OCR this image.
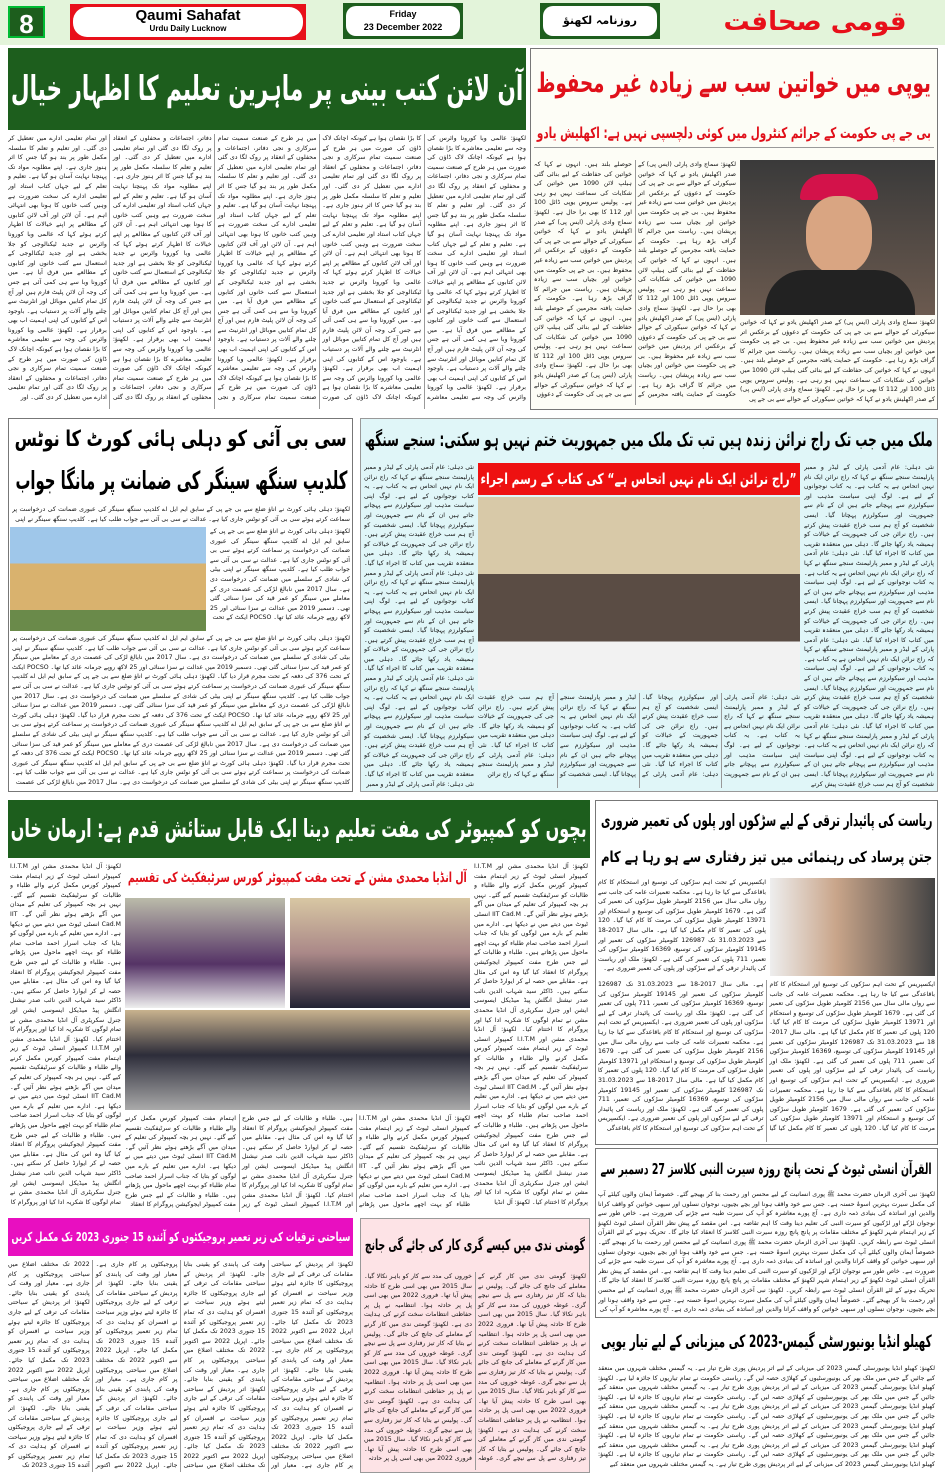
8	Qaumi Sahafat
Urdu Daily Lucknow
Friday
23 December 2022	روزنامہ لکھنؤ	قومی صحافت
آن لائن کتب بینی پر ماہرین تعلیم کا اظہار خیال
لکھنؤ: عالمی وبا کورونا وائرس کی وجہ سے تعلیمی معاشرے کا بڑا نقصان ہوا ہے کیونکہ اچانک لاک ڈاؤن کی صورت میں ہر طرح کے صنعت سمیت تمام سرکاری و نجی دفاتر، اجتماعات و محفلوں کے انعقاد پر روک لگا دی گئی اور تمام تعلیمی ادارے میں تعطیل کر دی گئی۔ اور تعلیم و تعلم کا سلسلہ مکمل طور پر بند ہو گیا جس کا اثر ہنوز جاری ہے۔ اپنے مطلوبہ مواد تک پہنچنا نہایت آسان ہو گیا ہے۔ تعلیم و تعلم کے لیے جہاں کتاب استاد اور تعلیمی ادارے کی سخت ضرورت ہے وہیں کتب خانوں کا ہونا بھی انتہائی اہم ہے۔ آن لائن اور آف لائن کتابوں کے مطالعے پر اپنے خیالات کا اظہار کرتے ہوئے کہا کہ عالمی وبا کورونا وائرس نے جدید ٹیکنالوجی کو جلا بخشی ہے اور جدید ٹیکنالوجی کے استعمال سے کتب خانوں اور کتابوں کے مطالعے میں فرق آیا ہے۔ میں کورونا وبا سے ہی کمی آئی ہے جس کی وجہ آن لائن پلیٹ فارم ہیں اور آج کل تمام کتابیں موبائل اور انٹرنیٹ سے چلنے والے آلات پر دستیاب ہے۔ باوجود اس کے کتابوں کی اپنی اہمیت اب بھی برقرار ہے۔ لکھنؤ: عالمی وبا کورونا وائرس کی وجہ سے تعلیمی معاشرے کا بڑا نقصان ہوا ہے کیونکہ اچانک لاک ڈاؤن کی صورت میں ہر طرح کے صنعت سمیت تمام سرکاری و نجی دفاتر، اجتماعات و محفلوں کے انعقاد پر روک لگا دی گئی اور تمام تعلیمی ادارے میں تعطیل کر دی گئی۔ اور تعلیم و تعلم کا سلسلہ مکمل طور پر بند ہو گیا جس کا اثر ہنوز جاری ہے۔ اپنے مطلوبہ مواد تک پہنچنا نہایت آسان ہو گیا ہے۔ تعلیم و تعلم کے لیے جہاں کتاب استاد اور تعلیمی ادارے کی سخت ضرورت ہے وہیں کتب خانوں کا ہونا بھی انتہائی اہم ہے۔ آن لائن اور آف لائن کتابوں کے مطالعے پر اپنے خیالات کا اظہار کرتے ہوئے کہا کہ عالمی وبا کورونا وائرس نے جدید ٹیکنالوجی کو جلا بخشی ہے اور جدید ٹیکنالوجی کے استعمال سے کتب خانوں اور کتابوں کے مطالعے میں فرق آیا ہے۔ میں کورونا وبا سے ہی کمی آئی ہے جس کی وجہ آن لائن پلیٹ فارم ہیں اور آج کل تمام کتابیں موبائل اور انٹرنیٹ سے چلنے والے آلات پر دستیاب ہے۔ باوجود اس کے کتابوں کی اپنی اہمیت اب بھی برقرار ہے۔ لکھنؤ: عالمی وبا کورونا وائرس کی وجہ سے تعلیمی معاشرے کا بڑا نقصان ہوا ہے کیونکہ اچانک لاک ڈاؤن کی صورت میں ہر طرح کے صنعت سمیت تمام سرکاری و نجی دفاتر، اجتماعات و محفلوں کے انعقاد پر روک لگا دی گئی اور تمام تعلیمی ادارے میں تعطیل کر دی گئی۔ اور تعلیم و تعلم کا سلسلہ مکمل طور پر بند ہو گیا جس کا اثر ہنوز جاری ہے۔ اپنے مطلوبہ مواد تک پہنچنا نہایت آسان ہو گیا ہے۔ تعلیم و تعلم کے لیے جہاں کتاب استاد اور تعلیمی ادارے کی سخت ضرورت ہے وہیں کتب خانوں کا ہونا بھی انتہائی اہم ہے۔ آن لائن اور آف لائن کتابوں کے مطالعے پر اپنے خیالات کا اظہار کرتے ہوئے کہا کہ عالمی وبا کورونا وائرس نے جدید ٹیکنالوجی کو جلا بخشی ہے اور جدید ٹیکنالوجی کے استعمال سے کتب خانوں اور کتابوں کے مطالعے میں فرق آیا ہے۔ میں کورونا وبا سے ہی کمی آئی ہے جس کی وجہ آن لائن پلیٹ فارم ہیں اور آج کل تمام کتابیں موبائل اور انٹرنیٹ سے چلنے والے آلات پر دستیاب ہے۔ باوجود اس کے کتابوں کی اپنی اہمیت اب بھی برقرار ہے۔ لکھنؤ: عالمی وبا کورونا وائرس کی وجہ سے تعلیمی معاشرے کا بڑا نقصان ہوا ہے کیونکہ اچانک لاک ڈاؤن کی صورت میں ہر طرح کے صنعت سمیت تمام سرکاری و نجی دفاتر، اجتماعات و محفلوں کے انعقاد پر روک لگا دی گئی اور تمام تعلیمی ادارے میں تعطیل کر دی گئی۔ اور تعلیم و تعلم کا سلسلہ مکمل طور پر بند ہو گیا جس کا اثر ہنوز جاری ہے۔ اپنے مطلوبہ مواد تک پہنچنا نہایت آسان ہو گیا ہے۔ تعلیم و تعلم کے لیے جہاں کتاب استاد اور تعلیمی ادارے کی سخت ضرورت ہے وہیں کتب خانوں کا ہونا بھی انتہائی اہم ہے۔ آن لائن اور آف لائن کتابوں کے مطالعے پر اپنے خیالات کا اظہار کرتے ہوئے کہا کہ عالمی وبا کورونا وائرس نے جدید ٹیکنالوجی کو جلا بخشی ہے اور جدید ٹیکنالوجی کے استعمال سے کتب خانوں اور کتابوں کے مطالعے میں فرق آیا ہے۔ میں کورونا وبا سے ہی کمی آئی ہے جس کی وجہ آن لائن پلیٹ فارم ہیں اور آج کل تمام کتابیں موبائل اور انٹرنیٹ سے چلنے والے آلات پر دستیاب ہے۔ باوجود اس کے کتابوں کی اپنی اہمیت اب بھی برقرار ہے۔ لکھنؤ: عالمی وبا کورونا وائرس کی وجہ سے تعلیمی معاشرے کا بڑا نقصان ہوا ہے کیونکہ اچانک لاک ڈاؤن کی صورت میں ہر طرح کے صنعت سمیت تمام سرکاری و نجی دفاتر، اجتماعات و محفلوں کے انعقاد پر روک لگا دی گئی اور تمام تعلیمی ادارے میں تعطیل کر دی گئی۔ اور تعلیم و تعلم کا سلسلہ مکمل طور پر بند ہو گیا جس کا اثر ہنوز جاری ہے۔ اپنے مطلوبہ مواد تک پہنچنا نہایت آسان ہو گیا ہے۔ تعلیم و تعلم کے لیے جہاں کتاب استاد اور تعلیمی ادارے کی سخت ضرورت ہے وہیں کتب خانوں کا ہونا بھی انتہائی اہم ہے۔ آن لائن اور آف لائن کتابوں کے مطالعے پر اپنے خیالات کا اظہار کرتے ہوئے کہا کہ عالمی وبا کورونا وائرس نے جدید ٹیکنالوجی کو جلا بخشی ہے اور جدید ٹیکنالوجی کے استعمال سے کتب خانوں اور کتابوں کے مطالعے میں فرق آیا ہے۔ میں کورونا وبا سے ہی کمی آئی ہے جس کی وجہ آن لائن پلیٹ فارم ہیں اور آج کل تمام کتابیں موبائل اور انٹرنیٹ سے چلنے والے آلات پر دستیاب ہے۔ باوجود اس کے کتابوں کی اپنی اہمیت اب بھی برقرار ہے۔ لکھنؤ: عالمی وبا کورونا وائرس کی وجہ سے تعلیمی معاشرے کا بڑا نقصان ہوا ہے کیونکہ اچانک لاک ڈاؤن کی صورت میں ہر طرح کے صنعت سمیت تمام سرکاری و نجی دفاتر، اجتماعات و محفلوں کے انعقاد پر روک لگا دی گئی اور تمام تعلیمی ادارے میں تعطیل کر دی گئی۔ اور
یوپی میں خواتین سب سے زیادہ غیر محفوظ
بی جے پی حکومت کے جرائم کنٹرول میں کوئی دلچسپی نہیں ہے: اکھلیش یادو
لکھنؤ: سماج وادی پارٹی (ایس پی) کے صدر اکھلیش یادو نے کہا کہ خواتین سیکورٹی کے حوالے سے بی جے پی کی حکومت کے دعوؤں کے برعکس اتر پردیش میں خواتین سب سے زیادہ غیر محفوظ ہیں۔ بی جے پی حکومت میں خواتین اور بچیاں سب سے زیادہ پریشان ہیں۔ ریاست میں جرائم کا گراف بڑھ رہا ہے۔ حکومت کے حمایت یافتہ مجرمین کے حوصلے بلند ہیں۔ انہوں نے کہا کہ خواتین کی حفاظت کے لیے بنائی گئی ہیلپ لائن 1090 میں خواتین کی شکایات کی سماعت نہیں ہو رہی ہے۔ پولیس سروس یوپی ڈائل 100 اور 112 کا بھی برا حال ہے۔ لکھنؤ: سماج وادی پارٹی (ایس پی) کے صدر اکھلیش یادو نے کہا کہ خواتین سیکورٹی کے حوالے سے بی جے پی کی حکومت کے دعوؤں کے برعکس اتر پردیش میں خواتین سب سے زیادہ غیر محفوظ ہیں۔ بی جے پی حکومت میں خواتین اور بچیاں سب سے زیادہ پریشان ہیں۔ ریاست میں جرائم کا گراف بڑھ رہا ہے۔ حکومت کے حمایت یافتہ مجرمین کے حوصلے بلند ہیں۔ انہوں نے کہا کہ خواتین کی حفاظت کے لیے بنائی گئی ہیلپ لائن 1090 میں خواتین کی شکایات کی سماعت نہیں ہو رہی ہے۔ پولیس سروس یوپی ڈائل 100 اور 112 کا بھی برا حال ہے۔ لکھنؤ: سماج وادی پارٹی (ایس پی) کے صدر اکھلیش یادو نے کہا کہ خواتین سیکورٹی کے حوالے سے بی جے پی کی حکومت کے دعوؤں کے برعکس اتر پردیش میں خواتین سب سے زیادہ غیر محفوظ ہیں۔ بی جے پی حکومت میں خواتین اور بچیاں سب سے زیادہ پریشان ہیں۔ ریاست میں جرائم کا گراف بڑھ رہا ہے۔ حکومت کے حمایت یافتہ مجرمین کے حوصلے بلند ہیں۔ انہوں نے کہا کہ خواتین کی حفاظت کے لیے بنائی گئی ہیلپ لائن 1090 میں خواتین کی شکایات کی سماعت نہیں ہو رہی ہے۔ پولیس سروس یوپی ڈائل 100 اور 112 کا بھی برا حال ہے۔ لکھنؤ: سماج وادی پارٹی (ایس پی) کے صدر اکھلیش یادو نے کہا کہ خواتین سیکورٹی کے حوالے سے بی جے پی کی حکومت کے دعوؤں
لکھنؤ: سماج وادی پارٹی (ایس پی) کے صدر اکھلیش یادو نے کہا کہ خواتین سیکورٹی کے حوالے سے بی جے پی کی حکومت کے دعوؤں کے برعکس اتر پردیش میں خواتین سب سے زیادہ غیر محفوظ ہیں۔ بی جے پی حکومت میں خواتین اور بچیاں سب سے زیادہ پریشان ہیں۔ ریاست میں جرائم کا گراف بڑھ رہا ہے۔ حکومت کے حمایت یافتہ مجرمین کے حوصلے بلند ہیں۔ انہوں نے کہا کہ خواتین کی حفاظت کے لیے بنائی گئی ہیلپ لائن 1090 میں خواتین کی شکایات کی سماعت نہیں ہو رہی ہے۔ پولیس سروس یوپی ڈائل 100 اور 112 کا بھی برا حال ہے۔ لکھنؤ: سماج وادی پارٹی (ایس پی) کے صدر اکھلیش یادو نے کہا کہ خواتین سیکورٹی کے حوالے سے بی جے پی
سی بی آئی کو دہلی ہائی کورٹ کا نوٹس
کلدیپ سنگھ سینگر کی ضمانت پر مانگا جواب
لکھنؤ: دہلی ہائی کورٹ نے اناؤ ضلع سے بی جے پی کے سابق ایم ایل اے کلدیپ سنگھ سینگر کی عبوری ضمانت کی درخواست پر سماعت کرتے ہوئے سی بی آئی کو نوٹس جاری کیا ہے۔ عدالت نے سی بی آئی سے جواب طلب کیا ہے۔ کلدیپ سنگھ سینگر نے اپنی
لکھنؤ: دہلی ہائی کورٹ نے اناؤ ضلع سے بی جے پی کے سابق ایم ایل اے کلدیپ سنگھ سینگر کی عبوری ضمانت کی درخواست پر سماعت کرتے ہوئے سی بی آئی کو نوٹس جاری کیا ہے۔ عدالت نے سی بی آئی سے جواب طلب کیا ہے۔ کلدیپ سنگھ سینگر نے اپنی بیٹی کی شادی کے سلسلے میں ضمانت کی درخواست دی ہے۔ سال 2017 میں نابالغ لڑکی کی عصمت دری کے معاملے میں سینگر کو عمر قید کی سزا سنائی گئی تھی۔ دسمبر 2019 میں عدالت نے سزا سنائی اور 25 لاکھ روپے جرمانہ عائد کیا تھا۔ POCSO ایکٹ کے تحت
لکھنؤ: دہلی ہائی کورٹ نے اناؤ ضلع سے بی جے پی کے سابق ایم ایل اے کلدیپ سنگھ سینگر کی عبوری ضمانت کی درخواست پر سماعت کرتے ہوئے سی بی آئی کو نوٹس جاری کیا ہے۔ عدالت نے سی بی آئی سے جواب طلب کیا ہے۔ کلدیپ سنگھ سینگر نے اپنی بیٹی کی شادی کے سلسلے میں ضمانت کی درخواست دی ہے۔ سال 2017 میں نابالغ لڑکی کی عصمت دری کے معاملے میں سینگر کو عمر قید کی سزا سنائی گئی تھی۔ دسمبر 2019 میں عدالت نے سزا سنائی اور 25 لاکھ روپے جرمانہ عائد کیا تھا۔ POCSO ایکٹ کے تحت 376 کی دفعہ کے تحت مجرم قرار دیا گیا۔ لکھنؤ: دہلی ہائی کورٹ نے اناؤ ضلع سے بی جے پی کے سابق ایم ایل اے کلدیپ سنگھ سینگر کی عبوری ضمانت کی درخواست پر سماعت کرتے ہوئے سی بی آئی کو نوٹس جاری کیا ہے۔ عدالت نے سی بی آئی سے جواب طلب کیا ہے۔ کلدیپ سنگھ سینگر نے اپنی بیٹی کی شادی کے سلسلے میں ضمانت کی درخواست دی ہے۔ سال 2017 میں نابالغ لڑکی کی عصمت دری کے معاملے میں سینگر کو عمر قید کی سزا سنائی گئی تھی۔ دسمبر 2019 میں عدالت نے سزا سنائی اور 25 لاکھ روپے جرمانہ عائد کیا تھا۔ POCSO ایکٹ کے تحت 376 کی دفعہ کے تحت مجرم قرار دیا گیا۔ لکھنؤ: دہلی ہائی کورٹ نے اناؤ ضلع سے بی جے پی کے سابق ایم ایل اے کلدیپ سنگھ سینگر کی عبوری ضمانت کی درخواست پر سماعت کرتے ہوئے سی بی آئی کو نوٹس جاری کیا ہے۔ عدالت نے سی بی آئی سے جواب طلب کیا ہے۔ کلدیپ سنگھ سینگر نے اپنی بیٹی کی شادی کے سلسلے میں ضمانت کی درخواست دی ہے۔ سال 2017 میں نابالغ لڑکی کی عصمت دری کے معاملے میں سینگر کو عمر قید کی سزا سنائی گئی تھی۔ دسمبر 2019 میں عدالت نے سزا سنائی اور 25 لاکھ روپے جرمانہ عائد کیا تھا۔ POCSO ایکٹ کے تحت 376 کی دفعہ کے تحت مجرم قرار دیا گیا۔ لکھنؤ: دہلی ہائی کورٹ نے اناؤ ضلع سے بی جے پی کے سابق ایم ایل اے کلدیپ سنگھ سینگر کی عبوری ضمانت کی درخواست پر سماعت کرتے ہوئے سی بی آئی کو نوٹس جاری کیا ہے۔ عدالت نے سی بی آئی سے جواب طلب کیا ہے۔ کلدیپ سنگھ سینگر نے اپنی بیٹی کی شادی کے سلسلے میں ضمانت کی درخواست دی ہے۔ سال 2017 میں نابالغ لڑکی کی عصمت
ملک میں جب تک راج نرائن زندہ ہیں تب تک ملک میں جمہوریت ختم نہیں ہو سکتی: سنجے سنگھ
”راج نرائن ایک نام نہیں اتحاس ہے“ کی کتاب کے رسم اجراء
نئی دہلی: عام آدمی پارٹی کے لیڈر و ممبر پارلیمنٹ سنجے سنگھ نے کہا کہ راج نرائن ایک نام نہیں اتحاس ہے یہ کتاب ہے۔ یہ کتاب نوجوانوں کے لیے ہے۔ لوگ اپنی سیاست مذہب اور سیکولرزم سے پہچانے جاتے ہیں ان کے نام سے جمہوریت اور سیکولرزم پہچانا گیا۔ ایسی شخصیت کو آج ہم سب خراج عقیدت پیش کرتے ہیں۔ راج نرائن جی کی جمہوریت کے خیالات کو ہمیشہ یاد رکھا جائے گا۔ دہلی میں منعقدہ تقریب میں کتاب کا اجراء کیا گیا۔ نئی دہلی: عام آدمی پارٹی کے لیڈر و ممبر پارلیمنٹ سنجے سنگھ نے کہا کہ راج نرائن ایک نام نہیں اتحاس ہے یہ کتاب ہے۔ یہ کتاب نوجوانوں کے لیے ہے۔ لوگ اپنی سیاست مذہب اور سیکولرزم سے پہچانے جاتے ہیں ان کے نام سے جمہوریت اور سیکولرزم پہچانا گیا۔ ایسی شخصیت کو آج ہم سب خراج عقیدت پیش کرتے ہیں۔ راج نرائن جی کی جمہوریت کے خیالات کو ہمیشہ یاد رکھا جائے گا۔ دہلی میں منعقدہ تقریب میں کتاب کا اجراء کیا گیا۔ نئی دہلی: عام آدمی پارٹی کے لیڈر و ممبر پارلیمنٹ سنجے سنگھ نے کہا کہ راج نرائن ایک نام نہیں اتحاس ہے یہ کتاب ہے۔ یہ کتاب نوجوانوں کے لیے ہے۔ لوگ اپنی سیاست مذہب اور سیکولرزم سے پہچانے جاتے ہیں ان کے نام سے جمہوریت اور سیکولرزم پہچانا گیا۔ ایسی شخصیت کو آج ہم سب خراج عقیدت پیش کرتے ہیں۔ راج نرائن جی کی جمہوریت کے خیالات کو ہمیشہ یاد رکھا جائے گا۔ دہلی میں منعقدہ تقریب میں کتاب کا اجراء کیا گیا۔ نئی دہلی: عام آدمی پارٹی کے لیڈر و ممبر
نئی دہلی: عام آدمی پارٹی کے لیڈر و ممبر پارلیمنٹ سنجے سنگھ نے کہا کہ راج نرائن ایک نام نہیں اتحاس ہے یہ کتاب ہے۔ یہ کتاب نوجوانوں کے لیے ہے۔ لوگ اپنی سیاست مذہب اور سیکولرزم سے پہچانے جاتے ہیں ان کے نام سے جمہوریت اور سیکولرزم پہچانا گیا۔ ایسی شخصیت کو آج ہم سب خراج عقیدت پیش کرتے ہیں۔ راج نرائن جی کی جمہوریت کے خیالات کو ہمیشہ یاد رکھا جائے گا۔ دہلی میں منعقدہ تقریب میں کتاب کا اجراء کیا گیا۔ نئی دہلی: عام آدمی پارٹی کے لیڈر و ممبر پارلیمنٹ سنجے سنگھ نے کہا کہ راج نرائن ایک نام نہیں اتحاس ہے یہ کتاب ہے۔ یہ کتاب نوجوانوں کے لیے ہے۔ لوگ اپنی سیاست مذہب اور سیکولرزم سے پہچانے جاتے ہیں ان کے نام سے جمہوریت اور سیکولرزم پہچانا گیا۔ ایسی شخصیت کو آج ہم سب خراج عقیدت پیش کرتے ہیں۔ راج نرائن جی کی جمہوریت کے خیالات کو ہمیشہ یاد رکھا جائے گا۔ دہلی میں منعقدہ تقریب میں کتاب کا اجراء کیا گیا۔ نئی دہلی: عام آدمی پارٹی کے لیڈر و ممبر پارلیمنٹ سنجے سنگھ نے کہا کہ راج نرائن ایک نام نہیں اتحاس ہے یہ کتاب ہے۔ یہ کتاب نوجوانوں کے لیے ہے۔ لوگ اپنی سیاست مذہب اور سیکولرزم سے پہچانے جاتے ہیں ان کے نام سے جمہوریت اور سیکولرزم پہچانا گیا۔ ایسی شخصیت کو آج ہم سب خراج عقیدت پیش کرتے ہیں۔ راج نرائن جی کی جمہوریت کے خیالات کو ہمیشہ یاد رکھا جائے گا۔ دہلی میں منعقدہ تقریب میں کتاب کا اجراء کیا گیا۔ نئی دہلی: عام آدمی پارٹی کے لیڈر و ممبر پارلیمنٹ سنجے سنگھ نے کہا کہ راج نرائن ایک نام نہیں اتحاس ہے یہ کتاب ہے۔ یہ کتاب نوجوانوں کے لیے ہے۔ لوگ اپنی سیاست مذہب اور سیکولرزم سے پہچانے جاتے ہیں ان کے نام سے جمہوریت اور سیکولرزم پہچانا گیا۔ ایسی شخصیت کو آج ہم سب خراج عقیدت پیش کرتے
نئی دہلی: عام آدمی پارٹی کے لیڈر و ممبر پارلیمنٹ سنجے سنگھ نے کہا کہ راج نرائن ایک نام نہیں اتحاس ہے یہ کتاب ہے۔ یہ کتاب نوجوانوں کے لیے ہے۔ لوگ اپنی سیاست مذہب اور سیکولرزم سے پہچانے جاتے ہیں ان کے نام سے جمہوریت اور سیکولرزم پہچانا گیا۔ ایسی شخصیت کو آج ہم سب خراج عقیدت پیش کرتے ہیں۔ راج نرائن جی کی جمہوریت کے خیالات کو ہمیشہ یاد رکھا جائے گا۔ دہلی میں منعقدہ تقریب میں کتاب کا اجراء کیا گیا۔ نئی دہلی: عام آدمی پارٹی کے لیڈر و ممبر پارلیمنٹ سنجے سنگھ نے کہا کہ راج نرائن ایک نام نہیں اتحاس ہے یہ کتاب ہے۔ یہ کتاب نوجوانوں کے لیے ہے۔ لوگ اپنی سیاست مذہب اور سیکولرزم سے پہچانے جاتے ہیں ان کے نام سے جمہوریت اور سیکولرزم پہچانا گیا۔ ایسی شخصیت کو آج ہم سب خراج عقیدت پیش کرتے ہیں۔ راج نرائن جی کی جمہوریت کے خیالات کو ہمیشہ یاد رکھا جائے گا۔ دہلی میں منعقدہ تقریب میں کتاب کا اجراء کیا گیا۔ نئی دہلی: عام آدمی پارٹی کے لیڈر و ممبر پارلیمنٹ سنجے سنگھ نے کہا کہ راج نرائن
بچوں کو کمپیوٹر کی مفت تعلیم دینا ایک قابل ستائش قدم ہے: ارمان خاں
آل انڈیا محمدی مشن کے تحت مفت کمپیوٹر کورس سرٹیفکیٹ کی تقسیم
لکھنؤ: آل انڈیا محمدی مشن اور I.I.T.M کمپیوٹر انسٹی ٹیوٹ کے زیر اہتمام مفت کمپیوٹر کورس مکمل کرنے والے طلباء و طالبات کو سرٹیفکیٹ تقسیم کیے گئے۔ نہیں ہر بچہ کمپیوٹر کی تعلیم کے میدان میں آگے بڑھتے ہوئے نظر آئیں گے۔ IIT Cad.M انسٹی ٹیوٹ میں دیتے میں نے دیکھا ہے۔ ادارے میں تعلیم کے بارے میں لوگوں کو بتایا کہ جناب اسرار احمد صاحب تمام طلباء کو بہت اچھے ماحول میں پڑھاتے ہیں۔ طلباء و طالبات کے لیے جس طرح مفت کمپیوٹر ایجوکیشن پروگرام کا انعقاد کیا گیا وہ اس کی مثال ہے۔ مقابلے میں حصہ لے کر ایوارڈ حاصل کر سکتے ہیں۔ ڈاکٹر سید شہاب الدین نائب صدر نیشنل انگلش پیڈ میڈیکل ایسوسی ایشن اور جنرل سکریٹری آل انڈیا محمدی مشن نے تمام لوگوں کا شکریہ ادا کیا اور پروگرام کا اختتام کیا۔ لکھنؤ: آل انڈیا محمدی مشن اور I.I.T.M کمپیوٹر انسٹی ٹیوٹ کے زیر اہتمام مفت کمپیوٹر کورس مکمل کرنے والے طلباء و طالبات کو سرٹیفکیٹ تقسیم کیے گئے۔ نہیں ہر بچہ کمپیوٹر کی تعلیم کے میدان میں آگے بڑھتے ہوئے نظر آئیں گے۔ IIT Cad.M انسٹی ٹیوٹ میں دیتے میں نے دیکھا ہے۔ ادارے میں تعلیم کے بارے میں لوگوں کو بتایا کہ جناب اسرار احمد صاحب تمام طلباء کو بہت اچھے ماحول میں پڑھاتے ہیں۔ طلباء و طالبات کے لیے جس طرح مفت کمپیوٹر ایجوکیشن پروگرام کا انعقاد کیا گیا وہ اس کی مثال ہے۔ مقابلے میں حصہ لے کر ایوارڈ حاصل کر سکتے ہیں۔ ڈاکٹر سید شہاب الدین نائب صدر نیشنل انگلش پیڈ میڈیکل ایسوسی ایشن اور جنرل سکریٹری آل انڈیا محمدی مشن نے تمام لوگوں کا شکریہ ادا کیا اور پروگرام کا اختتام کیا۔ لکھنؤ: آل انڈیا
لکھنؤ: آل انڈیا محمدی مشن اور I.I.T.M کمپیوٹر انسٹی ٹیوٹ کے زیر اہتمام مفت کمپیوٹر کورس مکمل کرنے والے طلباء و طالبات کو سرٹیفکیٹ تقسیم کیے گئے۔ نہیں ہر بچہ کمپیوٹر کی تعلیم کے میدان میں آگے بڑھتے ہوئے نظر آئیں گے۔ IIT Cad.M انسٹی ٹیوٹ میں دیتے میں نے دیکھا ہے۔ ادارے میں تعلیم کے بارے میں لوگوں کو بتایا کہ جناب اسرار احمد صاحب تمام طلباء کو بہت اچھے ماحول میں پڑھاتے ہیں۔ طلباء و طالبات کے لیے جس طرح مفت کمپیوٹر ایجوکیشن پروگرام کا انعقاد کیا گیا وہ اس کی مثال ہے۔ مقابلے میں حصہ لے کر ایوارڈ حاصل کر سکتے ہیں۔ ڈاکٹر سید شہاب الدین نائب صدر نیشنل انگلش پیڈ میڈیکل ایسوسی ایشن اور جنرل سکریٹری آل انڈیا محمدی مشن نے تمام لوگوں کا شکریہ ادا کیا اور پروگرام کا اختتام کیا۔ لکھنؤ: آل انڈیا محمدی مشن اور I.I.T.M کمپیوٹر انسٹی ٹیوٹ کے زیر اہتمام مفت کمپیوٹر کورس مکمل کرنے والے طلباء و طالبات کو سرٹیفکیٹ تقسیم کیے گئے۔ نہیں ہر بچہ کمپیوٹر کی تعلیم کے میدان میں آگے بڑھتے ہوئے نظر آئیں گے۔ IIT Cad.M انسٹی ٹیوٹ میں دیتے میں نے دیکھا ہے۔ ادارے میں تعلیم کے بارے میں لوگوں کو بتایا کہ جناب اسرار احمد صاحب تمام طلباء کو بہت اچھے ماحول میں پڑھاتے ہیں۔ طلباء و طالبات کے لیے جس طرح مفت کمپیوٹر ایجوکیشن پروگرام کا انعقاد کیا گیا وہ اس کی مثال ہے۔ مقابلے میں حصہ لے کر ایوارڈ حاصل کر سکتے ہیں۔ ڈاکٹر سید شہاب الدین نائب صدر نیشنل انگلش پیڈ میڈیکل ایسوسی ایشن اور جنرل سکریٹری آل انڈیا محمدی مشن نے تمام لوگوں کا شکریہ ادا کیا اور پروگرام کا
لکھنؤ: آل انڈیا محمدی مشن اور I.I.T.M کمپیوٹر انسٹی ٹیوٹ کے زیر اہتمام مفت کمپیوٹر کورس مکمل کرنے والے طلباء و طالبات کو سرٹیفکیٹ تقسیم کیے گئے۔ نہیں ہر بچہ کمپیوٹر کی تعلیم کے میدان میں آگے بڑھتے ہوئے نظر آئیں گے۔ IIT Cad.M انسٹی ٹیوٹ میں دیتے میں نے دیکھا ہے۔ ادارے میں تعلیم کے بارے میں لوگوں کو بتایا کہ جناب اسرار احمد صاحب تمام طلباء کو بہت اچھے ماحول میں پڑھاتے ہیں۔ طلباء و طالبات کے لیے جس طرح مفت کمپیوٹر ایجوکیشن پروگرام کا انعقاد کیا گیا وہ اس کی مثال ہے۔ مقابلے میں حصہ لے کر ایوارڈ حاصل کر سکتے ہیں۔ ڈاکٹر سید شہاب الدین نائب صدر نیشنل انگلش پیڈ میڈیکل ایسوسی ایشن اور جنرل سکریٹری آل انڈیا محمدی مشن نے تمام لوگوں کا شکریہ ادا کیا اور پروگرام کا اختتام کیا۔ لکھنؤ: آل انڈیا محمدی مشن اور I.I.T.M کمپیوٹر انسٹی ٹیوٹ کے زیر اہتمام مفت کمپیوٹر کورس مکمل کرنے والے طلباء و طالبات کو سرٹیفکیٹ تقسیم کیے گئے۔ نہیں ہر بچہ کمپیوٹر کی تعلیم کے میدان میں آگے بڑھتے ہوئے نظر آئیں گے۔ IIT Cad.M انسٹی ٹیوٹ میں دیتے میں نے دیکھا ہے۔ ادارے میں تعلیم کے بارے میں لوگوں کو بتایا کہ جناب اسرار احمد صاحب تمام طلباء کو بہت اچھے ماحول میں پڑھاتے ہیں۔ طلباء و طالبات کے لیے جس طرح مفت کمپیوٹر ایجوکیشن پروگرام کا انعقاد
ریاست کی پائیدار ترقی کے لیے سڑکوں اور پلوں کی تعمیر ضروری
جتن پرساد کی رہنمائی میں تیز رفتاری سے ہو رہا ہے کام
ایکسپریس کے تحت اہم سڑکوں کی توسیع اور استحکام کا کام باقاعدگی سے کیا جا رہا ہے۔ محکمہ تعمیرات عامہ کی جانب سے رواں مالی سال میں 2156 کلومیٹر طویل سڑکوں کی تعمیر کی گئی ہے۔ 1679 کلومیٹر طویل سڑکوں کی توسیع و استحکام اور 13971 کلومیٹر طویل سڑکوں کی مرمت کا کام کیا گیا۔ 120 پلوں کی تعمیر کا کام مکمل کیا گیا ہے۔ مالی سال 2017-18 سے 31.03.2023 تک 126987 کلومیٹر سڑکوں کی تعمیر اور 19145 کلومیٹر سڑکوں کی توسیع، 16369 کلومیٹر سڑکوں کی تعمیر، 711 پلوں کی تعمیر کی گئی ہے۔ لکھنؤ: ملک اور ریاست کی پائیدار ترقی کے لیے سڑکوں اور پلوں کی تعمیر ضروری ہے۔
ایکسپریس کے تحت اہم سڑکوں کی توسیع اور استحکام کا کام باقاعدگی سے کیا جا رہا ہے۔ محکمہ تعمیرات عامہ کی جانب سے رواں مالی سال میں 2156 کلومیٹر طویل سڑکوں کی تعمیر کی گئی ہے۔ 1679 کلومیٹر طویل سڑکوں کی توسیع و استحکام اور 13971 کلومیٹر طویل سڑکوں کی مرمت کا کام کیا گیا۔ 120 پلوں کی تعمیر کا کام مکمل کیا گیا ہے۔ مالی سال 2017-18 سے 31.03.2023 تک 126987 کلومیٹر سڑکوں کی تعمیر اور 19145 کلومیٹر سڑکوں کی توسیع، 16369 کلومیٹر سڑکوں کی تعمیر، 711 پلوں کی تعمیر کی گئی ہے۔ لکھنؤ: ملک اور ریاست کی پائیدار ترقی کے لیے سڑکوں اور پلوں کی تعمیر ضروری ہے۔ ایکسپریس کے تحت اہم سڑکوں کی توسیع اور استحکام کا کام باقاعدگی سے کیا جا رہا ہے۔ محکمہ تعمیرات عامہ کی جانب سے رواں مالی سال میں 2156 کلومیٹر طویل سڑکوں کی تعمیر کی گئی ہے۔ 1679 کلومیٹر طویل سڑکوں کی توسیع و استحکام اور 13971 کلومیٹر طویل سڑکوں کی مرمت کا کام کیا گیا۔ 120 پلوں کی تعمیر کا کام مکمل کیا گیا ہے۔ مالی سال 2017-18 سے 31.03.2023 تک 126987 کلومیٹر سڑکوں کی تعمیر اور 19145 کلومیٹر سڑکوں کی توسیع، 16369 کلومیٹر سڑکوں کی تعمیر، 711 پلوں کی تعمیر کی گئی ہے۔ لکھنؤ: ملک اور ریاست کی پائیدار ترقی کے لیے سڑکوں اور پلوں کی تعمیر ضروری ہے۔ ایکسپریس کے تحت اہم سڑکوں کی توسیع اور استحکام کا کام باقاعدگی سے کیا جا رہا ہے۔ محکمہ تعمیرات عامہ کی جانب سے رواں مالی سال میں 2156 کلومیٹر طویل سڑکوں کی تعمیر کی گئی ہے۔ 1679 کلومیٹر طویل سڑکوں کی توسیع و استحکام اور 13971 کلومیٹر طویل سڑکوں کی مرمت کا کام کیا گیا۔ 120 پلوں کی تعمیر کا کام مکمل کیا گیا ہے۔ مالی سال 2017-18 سے 31.03.2023 تک 126987 کلومیٹر سڑکوں کی تعمیر اور 19145 کلومیٹر سڑکوں کی توسیع، 16369 کلومیٹر سڑکوں کی تعمیر، 711 پلوں کی تعمیر کی گئی ہے۔ لکھنؤ: ملک اور ریاست کی پائیدار ترقی کے لیے سڑکوں اور پلوں کی تعمیر ضروری ہے۔ ایکسپریس کے تحت اہم سڑکوں کی توسیع اور استحکام کا کام باقاعدگی
القرآن انسٹی ٹیوٹ کے تحت پانچ روزہ سیرت النبی کلاسز 27 دسمبر سے
لکھنؤ: نبی آخری الزماں حضرت محمد ﷺ پوری انسانیت کے لیے محسن اور رحمت بنا کر بھیجے گئے۔ خصوصاً ایمان والوں کیلئے آپ کی مکمل سیرت بہترین اسوۂ حسنہ ہے۔ جس سے خود واقف ہونا اور بچے بچیوں، نوجوان نسلوں اور سبھی خواتین کو واقف کرانا والدین اور اساتذہ کی بنیادی ذمہ داری ہے۔ آج پورے معاشرہ کو آپ کی سیرت طیبہ سے جڑنے کی ضرورت ہے۔ خاص طور سے نوجوان لڑکے اور لڑکیوں کو سیرت النبی کی تعلیم دینا وقت کا اہم تقاضہ ہے۔ اس مقصد کے پیش نظر القرآن انسٹی ٹیوٹ لکھنؤ کے زیر اہتمام شہر لکھنؤ کے مختلف مقامات پر پانچ پانچ روزہ سیرت النبی کلاسز کا انعقاد کیا جائے گا۔ تحریک ہونے کے لئے القرآن انسٹی ٹیوٹ سے رابطہ کریں۔ لکھنؤ: نبی آخری الزماں حضرت محمد ﷺ پوری انسانیت کے لیے محسن اور رحمت بنا کر بھیجے گئے۔ خصوصاً ایمان والوں کیلئے آپ کی مکمل سیرت بہترین اسوۂ حسنہ ہے۔ جس سے خود واقف ہونا اور بچے بچیوں، نوجوان نسلوں اور سبھی خواتین کو واقف کرانا والدین اور اساتذہ کی بنیادی ذمہ داری ہے۔ آج پورے معاشرہ کو آپ کی سیرت طیبہ سے جڑنے کی ضرورت ہے۔ خاص طور سے نوجوان لڑکے اور لڑکیوں کو سیرت النبی کی تعلیم دینا وقت کا اہم تقاضہ ہے۔ اس مقصد کے پیش نظر القرآن انسٹی ٹیوٹ لکھنؤ کے زیر اہتمام شہر لکھنؤ کے مختلف مقامات پر پانچ پانچ روزہ سیرت النبی کلاسز کا انعقاد کیا جائے گا۔ تحریک ہونے کے لئے القرآن انسٹی ٹیوٹ سے رابطہ کریں۔ لکھنؤ: نبی آخری الزماں حضرت محمد ﷺ پوری انسانیت کے لیے محسن اور رحمت بنا کر بھیجے گئے۔ خصوصاً ایمان والوں کیلئے آپ کی مکمل سیرت بہترین اسوۂ حسنہ ہے۔ جس سے خود واقف ہونا اور بچے بچیوں، نوجوان نسلوں اور سبھی خواتین کو واقف کرانا والدین اور اساتذہ کی بنیادی ذمہ داری ہے۔ آج پورے معاشرہ کو آپ کی
کھیلو انڈیا یونیورسٹی گیمس-2023 کی میزبانی کے لیے تیار یوپی
لکھنؤ: کھیلو انڈیا یونیورسٹی گیمس 2023 کی میزبانی کے لیے اتر پردیش پوری طرح تیار ہے۔ یہ گیمس مختلف شہروں میں منعقد کیے جائیں گے جس میں ملک بھر کی یونیورسٹیوں کے کھلاڑی حصہ لیں گے۔ ریاستی حکومت نے تمام تیاریوں کا جائزہ لیا ہے۔ لکھنؤ: کھیلو انڈیا یونیورسٹی گیمس 2023 کی میزبانی کے لیے اتر پردیش پوری طرح تیار ہے۔ یہ گیمس مختلف شہروں میں منعقد کیے جائیں گے جس میں ملک بھر کی یونیورسٹیوں کے کھلاڑی حصہ لیں گے۔ ریاستی حکومت نے تمام تیاریوں کا جائزہ لیا ہے۔ لکھنؤ: کھیلو انڈیا یونیورسٹی گیمس 2023 کی میزبانی کے لیے اتر پردیش پوری طرح تیار ہے۔ یہ گیمس مختلف شہروں میں منعقد کیے جائیں گے جس میں ملک بھر کی یونیورسٹیوں کے کھلاڑی حصہ لیں گے۔ ریاستی حکومت نے تمام تیاریوں کا جائزہ لیا ہے۔ لکھنؤ: کھیلو انڈیا یونیورسٹی گیمس 2023 کی میزبانی کے لیے اتر پردیش پوری طرح تیار ہے۔ یہ گیمس مختلف شہروں میں منعقد کیے جائیں گے جس میں ملک بھر کی یونیورسٹیوں کے کھلاڑی حصہ لیں گے۔ ریاستی حکومت نے تمام تیاریوں کا جائزہ لیا ہے۔ لکھنؤ: کھیلو انڈیا یونیورسٹی گیمس 2023 کی میزبانی کے لیے اتر پردیش پوری طرح تیار ہے۔ یہ گیمس مختلف شہروں میں منعقد کیے جائیں گے جس میں ملک بھر کی یونیورسٹیوں کے کھلاڑی حصہ لیں گے۔ ریاستی حکومت نے تمام تیاریوں کا جائزہ لیا ہے۔ لکھنؤ: کھیلو انڈیا یونیورسٹی گیمس 2023 کی میزبانی کے لیے اتر پردیش پوری طرح تیار ہے۔ یہ گیمس مختلف شہروں میں منعقد کیے
سیاحتی ترقیات کی زیر تعمیر پروجیکٹوں کو آئندہ 15 جنوری 2023 تک مکمل کریں
لکھنؤ: اتر پردیش کے سیاحتی مقامات کی ترقی کے لیے جاری پروجیکٹوں کا جائزہ لیتے ہوئے وزیر سیاحت نے افسران کو ہدایت دی کہ تمام زیر تعمیر پروجیکٹوں کو آئندہ 15 جنوری 2023 تک مکمل کیا جائے۔ اپریل 2022 سے اکتوبر 2022 تک مختلف اضلاع میں سیاحتی پروجیکٹوں پر کام جاری ہے۔ معیار اور وقت کی پابندی کو یقینی بنایا جائے۔ لکھنؤ: اتر پردیش کے سیاحتی مقامات کی ترقی کے لیے جاری پروجیکٹوں کا جائزہ لیتے ہوئے وزیر سیاحت نے افسران کو ہدایت دی کہ تمام زیر تعمیر پروجیکٹوں کو آئندہ 15 جنوری 2023 تک مکمل کیا جائے۔ اپریل 2022 سے اکتوبر 2022 تک مختلف اضلاع میں سیاحتی پروجیکٹوں پر کام جاری ہے۔ معیار اور وقت کی پابندی کو یقینی بنایا جائے۔ لکھنؤ: اتر پردیش کے سیاحتی مقامات کی ترقی کے لیے جاری پروجیکٹوں کا جائزہ لیتے ہوئے وزیر سیاحت نے افسران کو ہدایت دی کہ تمام زیر تعمیر پروجیکٹوں کو آئندہ 15 جنوری 2023 تک مکمل کیا جائے۔ اپریل 2022 سے اکتوبر 2022 تک مختلف اضلاع میں سیاحتی پروجیکٹوں پر کام جاری ہے۔ معیار اور وقت کی پابندی کو یقینی بنایا جائے۔ لکھنؤ: اتر پردیش کے سیاحتی مقامات کی ترقی کے لیے جاری پروجیکٹوں کا جائزہ لیتے ہوئے وزیر سیاحت نے افسران کو ہدایت دی کہ تمام زیر تعمیر پروجیکٹوں کو آئندہ 15 جنوری 2023 تک مکمل کیا جائے۔ اپریل 2022 سے اکتوبر 2022 تک مختلف اضلاع میں سیاحتی پروجیکٹوں پر کام جاری ہے۔ معیار اور وقت کی پابندی کو یقینی بنایا جائے۔ لکھنؤ: اتر پردیش کے سیاحتی مقامات کی ترقی کے لیے جاری پروجیکٹوں کا جائزہ لیتے ہوئے وزیر سیاحت نے افسران کو ہدایت دی کہ تمام زیر تعمیر پروجیکٹوں کو آئندہ 15 جنوری 2023 تک مکمل کیا جائے۔ اپریل 2022 سے اکتوبر 2022 تک مختلف اضلاع میں سیاحتی پروجیکٹوں پر کام جاری ہے۔ معیار اور وقت کی پابندی کو یقینی بنایا جائے۔ لکھنؤ: اتر پردیش کے سیاحتی مقامات کی ترقی کے لیے جاری پروجیکٹوں کا جائزہ لیتے ہوئے وزیر سیاحت نے افسران کو ہدایت دی کہ تمام زیر تعمیر پروجیکٹوں کو آئندہ 15 جنوری 2023 تک مکمل کیا جائے۔ اپریل 2022 سے اکتوبر 2022 تک مختلف اضلاع میں سیاحتی پروجیکٹوں پر کام جاری ہے۔ معیار اور وقت کی پابندی کو یقینی بنایا جائے۔ لکھنؤ: اتر پردیش کے سیاحتی مقامات کی ترقی کے لیے جاری پروجیکٹوں کا جائزہ لیتے ہوئے وزیر سیاحت نے افسران کو ہدایت دی کہ تمام زیر تعمیر پروجیکٹوں کو آئندہ 15 جنوری 2023 تک مکمل کیا جائے۔ اپریل 2022 سے اکتوبر 2022 تک مختلف اضلاع میں سیاحتی پروجیکٹوں پر کام جاری ہے۔ معیار اور وقت کی پابندی کو یقینی بنایا جائے۔ لکھنؤ: اتر پردیش کے سیاحتی مقامات کی ترقی کے لیے جاری پروجیکٹوں کا جائزہ لیتے ہوئے وزیر سیاحت نے افسران کو ہدایت دی کہ تمام زیر تعمیر پروجیکٹوں کو آئندہ 15 جنوری 2023 تک
گومتی ندی میں کیسے گری کار کی جائے گی جانچ
لکھنؤ: گومتی ندی میں کار گرنے کے معاملے کی جانچ کی جائے گی۔ پولیس نے بتایا کہ کار تیز رفتاری سے پل سے نیچے گری۔ غوطہ خوروں کی مدد سے کار کو باہر نکالا گیا۔ سال 2015 میں بھی اسی طرح کا حادثہ پیش آیا تھا۔ فروری 2022 میں بھی اسی پل پر حادثہ ہوا۔ انتظامیہ نے پل پر حفاظتی انتظامات سخت کرنے کی ہدایت دی ہے۔ لکھنؤ: گومتی ندی میں کار گرنے کے معاملے کی جانچ کی جائے گی۔ پولیس نے بتایا کہ کار تیز رفتاری سے پل سے نیچے گری۔ غوطہ خوروں کی مدد سے کار کو باہر نکالا گیا۔ سال 2015 میں بھی اسی طرح کا حادثہ پیش آیا تھا۔ فروری 2022 میں بھی اسی پل پر حادثہ ہوا۔ انتظامیہ نے پل پر حفاظتی انتظامات سخت کرنے کی ہدایت دی ہے۔ لکھنؤ: گومتی ندی میں کار گرنے کے معاملے کی جانچ کی جائے گی۔ پولیس نے بتایا کہ کار تیز رفتاری سے پل سے نیچے گری۔ غوطہ خوروں کی مدد سے کار کو باہر نکالا گیا۔ سال 2015 میں بھی اسی طرح کا حادثہ پیش آیا تھا۔ فروری 2022 میں بھی اسی پل پر حادثہ ہوا۔ انتظامیہ نے پل پر حفاظتی انتظامات سخت کرنے کی ہدایت دی ہے۔ لکھنؤ: گومتی ندی میں کار گرنے کے معاملے کی جانچ کی جائے گی۔ پولیس نے بتایا کہ کار تیز رفتاری سے پل سے نیچے گری۔ غوطہ خوروں کی مدد سے کار کو باہر نکالا گیا۔ سال 2015 میں بھی اسی طرح کا حادثہ پیش آیا تھا۔ فروری 2022 میں بھی اسی پل پر حادثہ ہوا۔ انتظامیہ نے پل پر حفاظتی انتظامات سخت کرنے کی ہدایت دی ہے۔ لکھنؤ: گومتی ندی میں کار گرنے کے معاملے کی جانچ کی جائے گی۔ پولیس نے بتایا کہ کار تیز رفتاری سے پل سے نیچے گری۔ غوطہ خوروں کی مدد سے کار کو باہر نکالا گیا۔ سال 2015 میں بھی اسی طرح کا حادثہ پیش آیا تھا۔ فروری 2022 میں بھی اسی پل پر حادثہ
